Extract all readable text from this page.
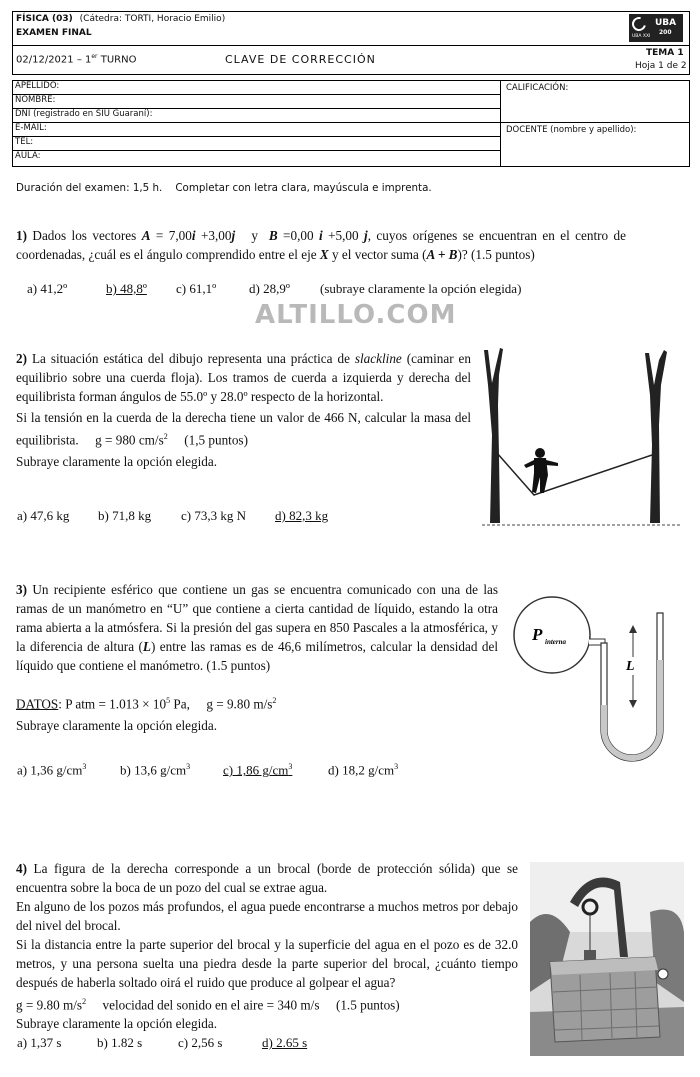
FÍSICA (03) (Cátedra: TORTI, Horacio Emilio)
EXAMEN FINAL
UBA
200
UBA XXI
02/12/2021 – 1er TURNO	CLAVE DE CORRECCIÓN	TEMA 1
Hoja 1 de 2
APELLIDO:
NOMBRE:
DNI (registrado en SIU Guaraní):
E-MAIL:
TEL:
AULA:
CALIFICACIÓN:
DOCENTE (nombre y apellido):
Duración del examen: 1,5 h.    Completar con letra clara, mayúscula e imprenta.
1) Dados los vectores A = 7,00i +3,00j   y  B =0,00 i +5,00 j, cuyos orígenes se encuentran en el centro de coordenadas, ¿cuál es el ángulo comprendido entre el eje X y el vector suma (A + B)? (1.5 puntos)
a) 41,2º	b) 48,8º c) 61,1º	d) 28,9º (subraye claramente la opción elegida)
ALTILLO.COM
2) La situación estática del dibujo representa una práctica de slackline (caminar en equilibrio sobre una cuerda floja). Los tramos de cuerda a izquierda y derecha del equilibrista forman ángulos de 55.0º y 28.0º respecto de la horizontal.
Si la tensión en la cuerda de la derecha tiene un valor de 466 N, calcular la masa del equilibrista.     g = 980 $cm/s^2$     (1,5 puntos)
Subraye claramente la opción elegida.
a) 47,6 kg b) 71,8 kg c) 73,3 kg N d) 82,3 kg
3) Un recipiente esférico que contiene un gas se encuentra comunicado con una de las ramas de un manómetro en “U” que contiene a cierta cantidad de líquido, estando la otra rama abierta a la atmósfera. Si la presión del gas supera en 850 Pascales a la atmosférica, y la diferencia de altura (L) entre las ramas es de 46,6 milímetros, calcular la densidad del líquido que contiene el manómetro. (1.5 puntos)
DATOS: P atm = $1.013 \times 10^5$ Pa,     g = 9.80 $m/s^2$
Subraye claramente la opción elegida.
a) 1,36 $g/cm^3$	b) 13,6 $g/cm^3$	c) 1,86 $g/cm^3$	d) 18,2 $g/cm^3$
L
P interna
4) La figura de la derecha corresponde a un brocal (borde de protección sólida) que se encuentra sobre la boca de un pozo del cual se extrae agua.
En alguno de los pozos más profundos, el agua puede encontrarse a muchos metros por debajo del nivel del brocal.
Si la distancia entre la parte superior del brocal y la superficie del agua en el pozo es de 32.0 metros, y una persona suelta una piedra desde la parte superior del brocal, ¿cuánto tiempo después de haberla soltado oirá el ruido que produce al golpear el agua?
g = 9.80 $m/s^2$     velocidad del sonido en el aire = 340 m/s     (1.5 puntos)
Subraye claramente la opción elegida.
a) 1,37 s	b) 1.82 s	c) 2,56 s	d) 2.65 s
